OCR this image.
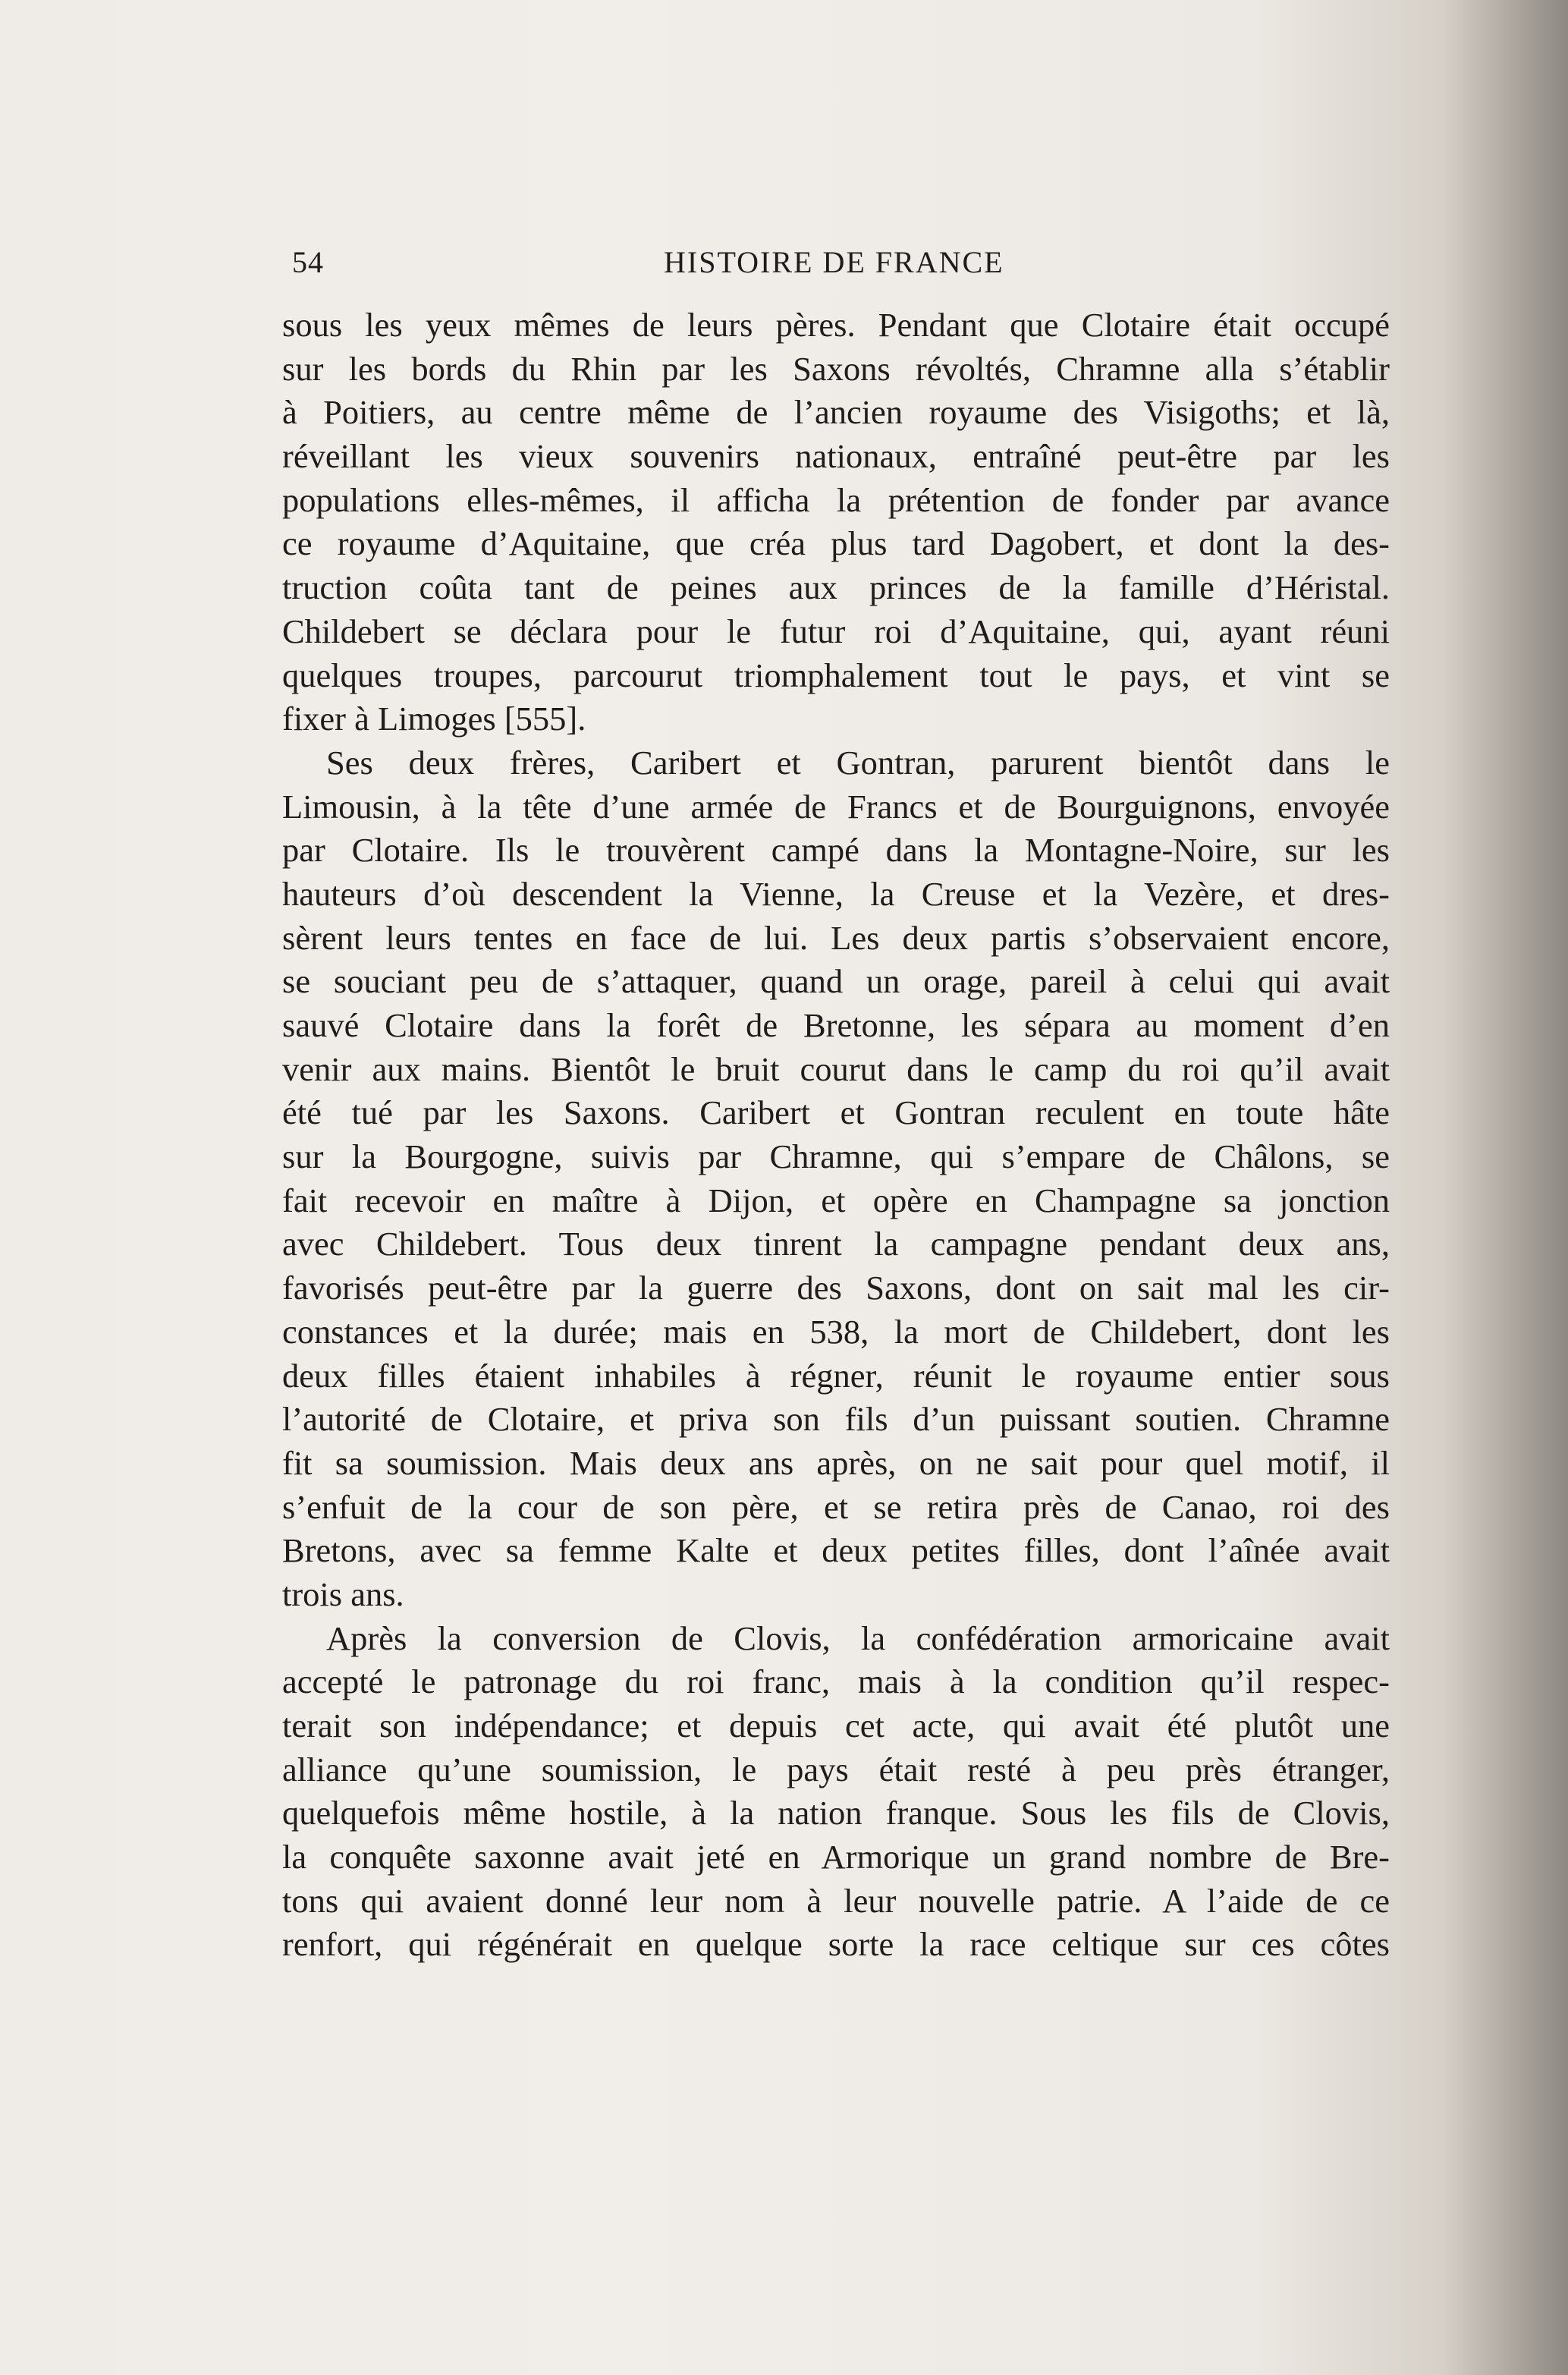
54	HISTOIRE DE FRANCE
sous les yeux mêmes de leurs pères. Pendant que Clotaire était occupé
sur les bords du Rhin par les Saxons révoltés, Chramne alla s’établir
à Poitiers, au centre même de l’ancien royaume des Visigoths; et là,
réveillant les vieux souvenirs nationaux, entraîné peut-être par les
populations elles-mêmes, il afficha la prétention de fonder par avance
ce royaume d’Aquitaine, que créa plus tard Dagobert, et dont la des-
truction coûta tant de peines aux princes de la famille d’Héristal.
Childebert se déclara pour le futur roi d’Aquitaine, qui, ayant réuni
quelques troupes, parcourut triomphalement tout le pays, et vint se
fixer à Limoges [555].
Ses deux frères, Caribert et Gontran, parurent bientôt dans le
Limousin, à la tête d’une armée de Francs et de Bourguignons, envoyée
par Clotaire. Ils le trouvèrent campé dans la Montagne-Noire, sur les
hauteurs d’où descendent la Vienne, la Creuse et la Vezère, et dres-
sèrent leurs tentes en face de lui. Les deux partis s’observaient encore,
se souciant peu de s’attaquer, quand un orage, pareil à celui qui avait
sauvé Clotaire dans la forêt de Bretonne, les sépara au moment d’en
venir aux mains. Bientôt le bruit courut dans le camp du roi qu’il avait
été tué par les Saxons. Caribert et Gontran reculent en toute hâte
sur la Bourgogne, suivis par Chramne, qui s’empare de Châlons, se
fait recevoir en maître à Dijon, et opère en Champagne sa jonction
avec Childebert. Tous deux tinrent la campagne pendant deux ans,
favorisés peut-être par la guerre des Saxons, dont on sait mal les cir-
constances et la durée; mais en 538, la mort de Childebert, dont les
deux filles étaient inhabiles à régner, réunit le royaume entier sous
l’autorité de Clotaire, et priva son fils d’un puissant soutien. Chramne
fit sa soumission. Mais deux ans après, on ne sait pour quel motif, il
s’enfuit de la cour de son père, et se retira près de Canao, roi des
Bretons, avec sa femme Kalte et deux petites filles, dont l’aînée avait
trois ans.
Après la conversion de Clovis, la confédération armoricaine avait
accepté le patronage du roi franc, mais à la condition qu’il respec-
terait son indépendance; et depuis cet acte, qui avait été plutôt une
alliance qu’une soumission, le pays était resté à peu près étranger,
quelquefois même hostile, à la nation franque. Sous les fils de Clovis,
la conquête saxonne avait jeté en Armorique un grand nombre de Bre-
tons qui avaient donné leur nom à leur nouvelle patrie. A l’aide de ce
renfort, qui régénérait en quelque sorte la race celtique sur ces côtes
